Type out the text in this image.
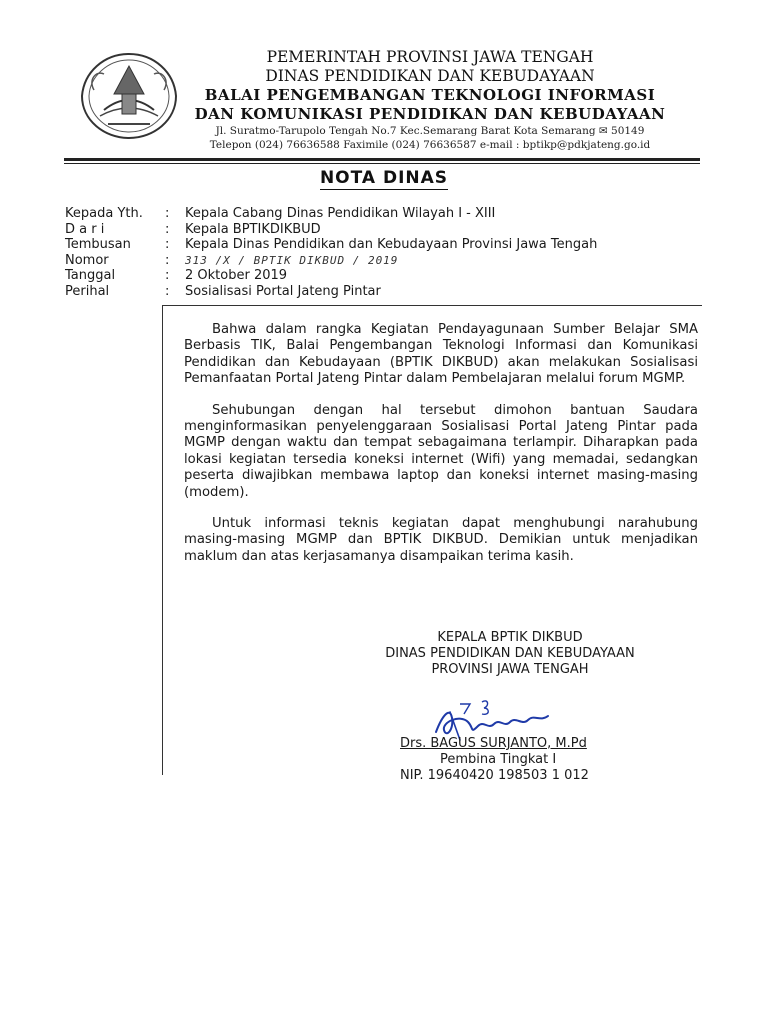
PEMERINTAH PROVINSI JAWA TENGAH
DINAS PENDIDIKAN DAN KEBUDAYAAN
BALAI PENGEMBANGAN TEKNOLOGI INFORMASI
DAN KOMUNIKASI PENDIDIKAN DAN KEBUDAYAAN
Jl. Suratmo-Tarupolo Tengah No.7 Kec.Semarang Barat Kota Semarang ✉ 50149
Telepon (024) 76636588 Faximile (024) 76636587 e-mail : bptikp@pdkjateng.go.id
NOTA DINAS
Kepada Yth. : Kepala Cabang Dinas Pendidikan Wilayah I - XIII
D a r i	: Kepala BPTIKDIKBUD
Tembusan	: Kepala Dinas Pendidikan dan Kebudayaan Provinsi Jawa Tengah
Nomor	: 313 /X / BPTIK DIKBUD / 2019
Tanggal	: 2 Oktober 2019
Perihal	: Sosialisasi Portal Jateng Pintar

Bahwa dalam rangka Kegiatan Pendayagunaan Sumber Belajar SMA Berbasis TIK, Balai Pengembangan Teknologi Informasi dan Komunikasi Pendidikan dan Kebudayaan (BPTIK DIKBUD) akan melakukan Sosialisasi Pemanfaatan Portal Jateng Pintar dalam Pembelajaran melalui forum MGMP.

Sehubungan dengan hal tersebut dimohon bantuan Saudara menginformasikan penyelenggaraan Sosialisasi Portal Jateng Pintar pada MGMP dengan waktu dan tempat sebagaimana terlampir. Diharapkan pada lokasi kegiatan tersedia koneksi internet (Wifi) yang memadai, sedangkan peserta diwajibkan membawa laptop dan koneksi internet masing-masing (modem).

Untuk informasi teknis kegiatan dapat menghubungi narahubung masing-masing MGMP dan BPTIK DIKBUD. Demikian untuk menjadikan maklum dan atas kerjasamanya disampaikan terima kasih.

KEPALA BPTIK DIKBUD
DINAS PENDIDIKAN DAN KEBUDAYAAN
PROVINSI JAWA TENGAH
Drs. BAGUS SURJANTO, M.Pd
Pembina Tingkat I
NIP. 19640420 198503 1 012
